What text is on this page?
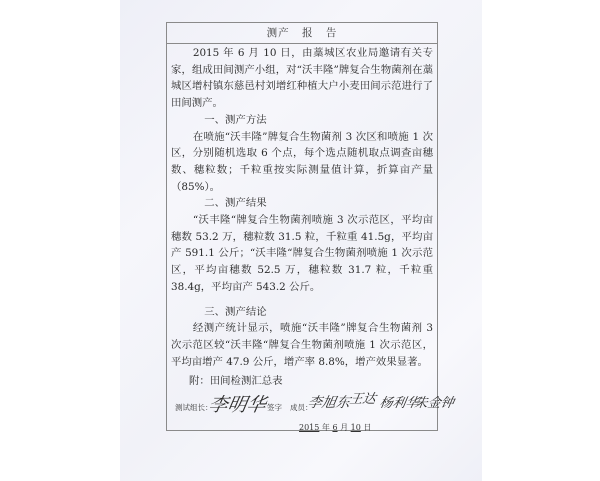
测产 报 告

2015 年 6 月 10 日，由藁城区农业局邀请有关专家，组成田间测产小组，对“沃丰隆”牌复合生物菌剂在藁城区增村镇东慈邑村刘增红种植大户小麦田间示范进行了田间测产。

一、测产方法

在喷施“沃丰隆”牌复合生物菌剂 3 次区和喷施 1 次区，分别随机选取 6 个点，每个选点随机取点调查亩穗数、穗粒数；千粒重按实际测量值计算，折算亩产量（85%）。

二、测产结果

“沃丰隆“牌复合生物菌剂喷施 3 次示范区，平均亩穗数 53.2 万，穗粒数 31.5 粒，千粒重 41.5g，平均亩产 591.1 公斤；“沃丰隆“牌复合生物菌剂喷施 1 次示范区，平均亩穗数 52.5 万，穗粒数 31.7 粒，千粒重 38.4g，平均亩产 543.2 公斤。

三、测产结论

经测产统计显示，喷施“沃丰隆”牌复合生物菌剂 3 次示范区较“沃丰隆“牌复合生物菌剂喷施 1 次示范区，平均亩增产 47.9 公斤，增产率 8.8%，增产效果显著。

附：田间检测汇总表
测试组长：
李明华 签字 成员：
李旭东
王达 杨利华
朱金钟
2015 年 6 月 10 日
